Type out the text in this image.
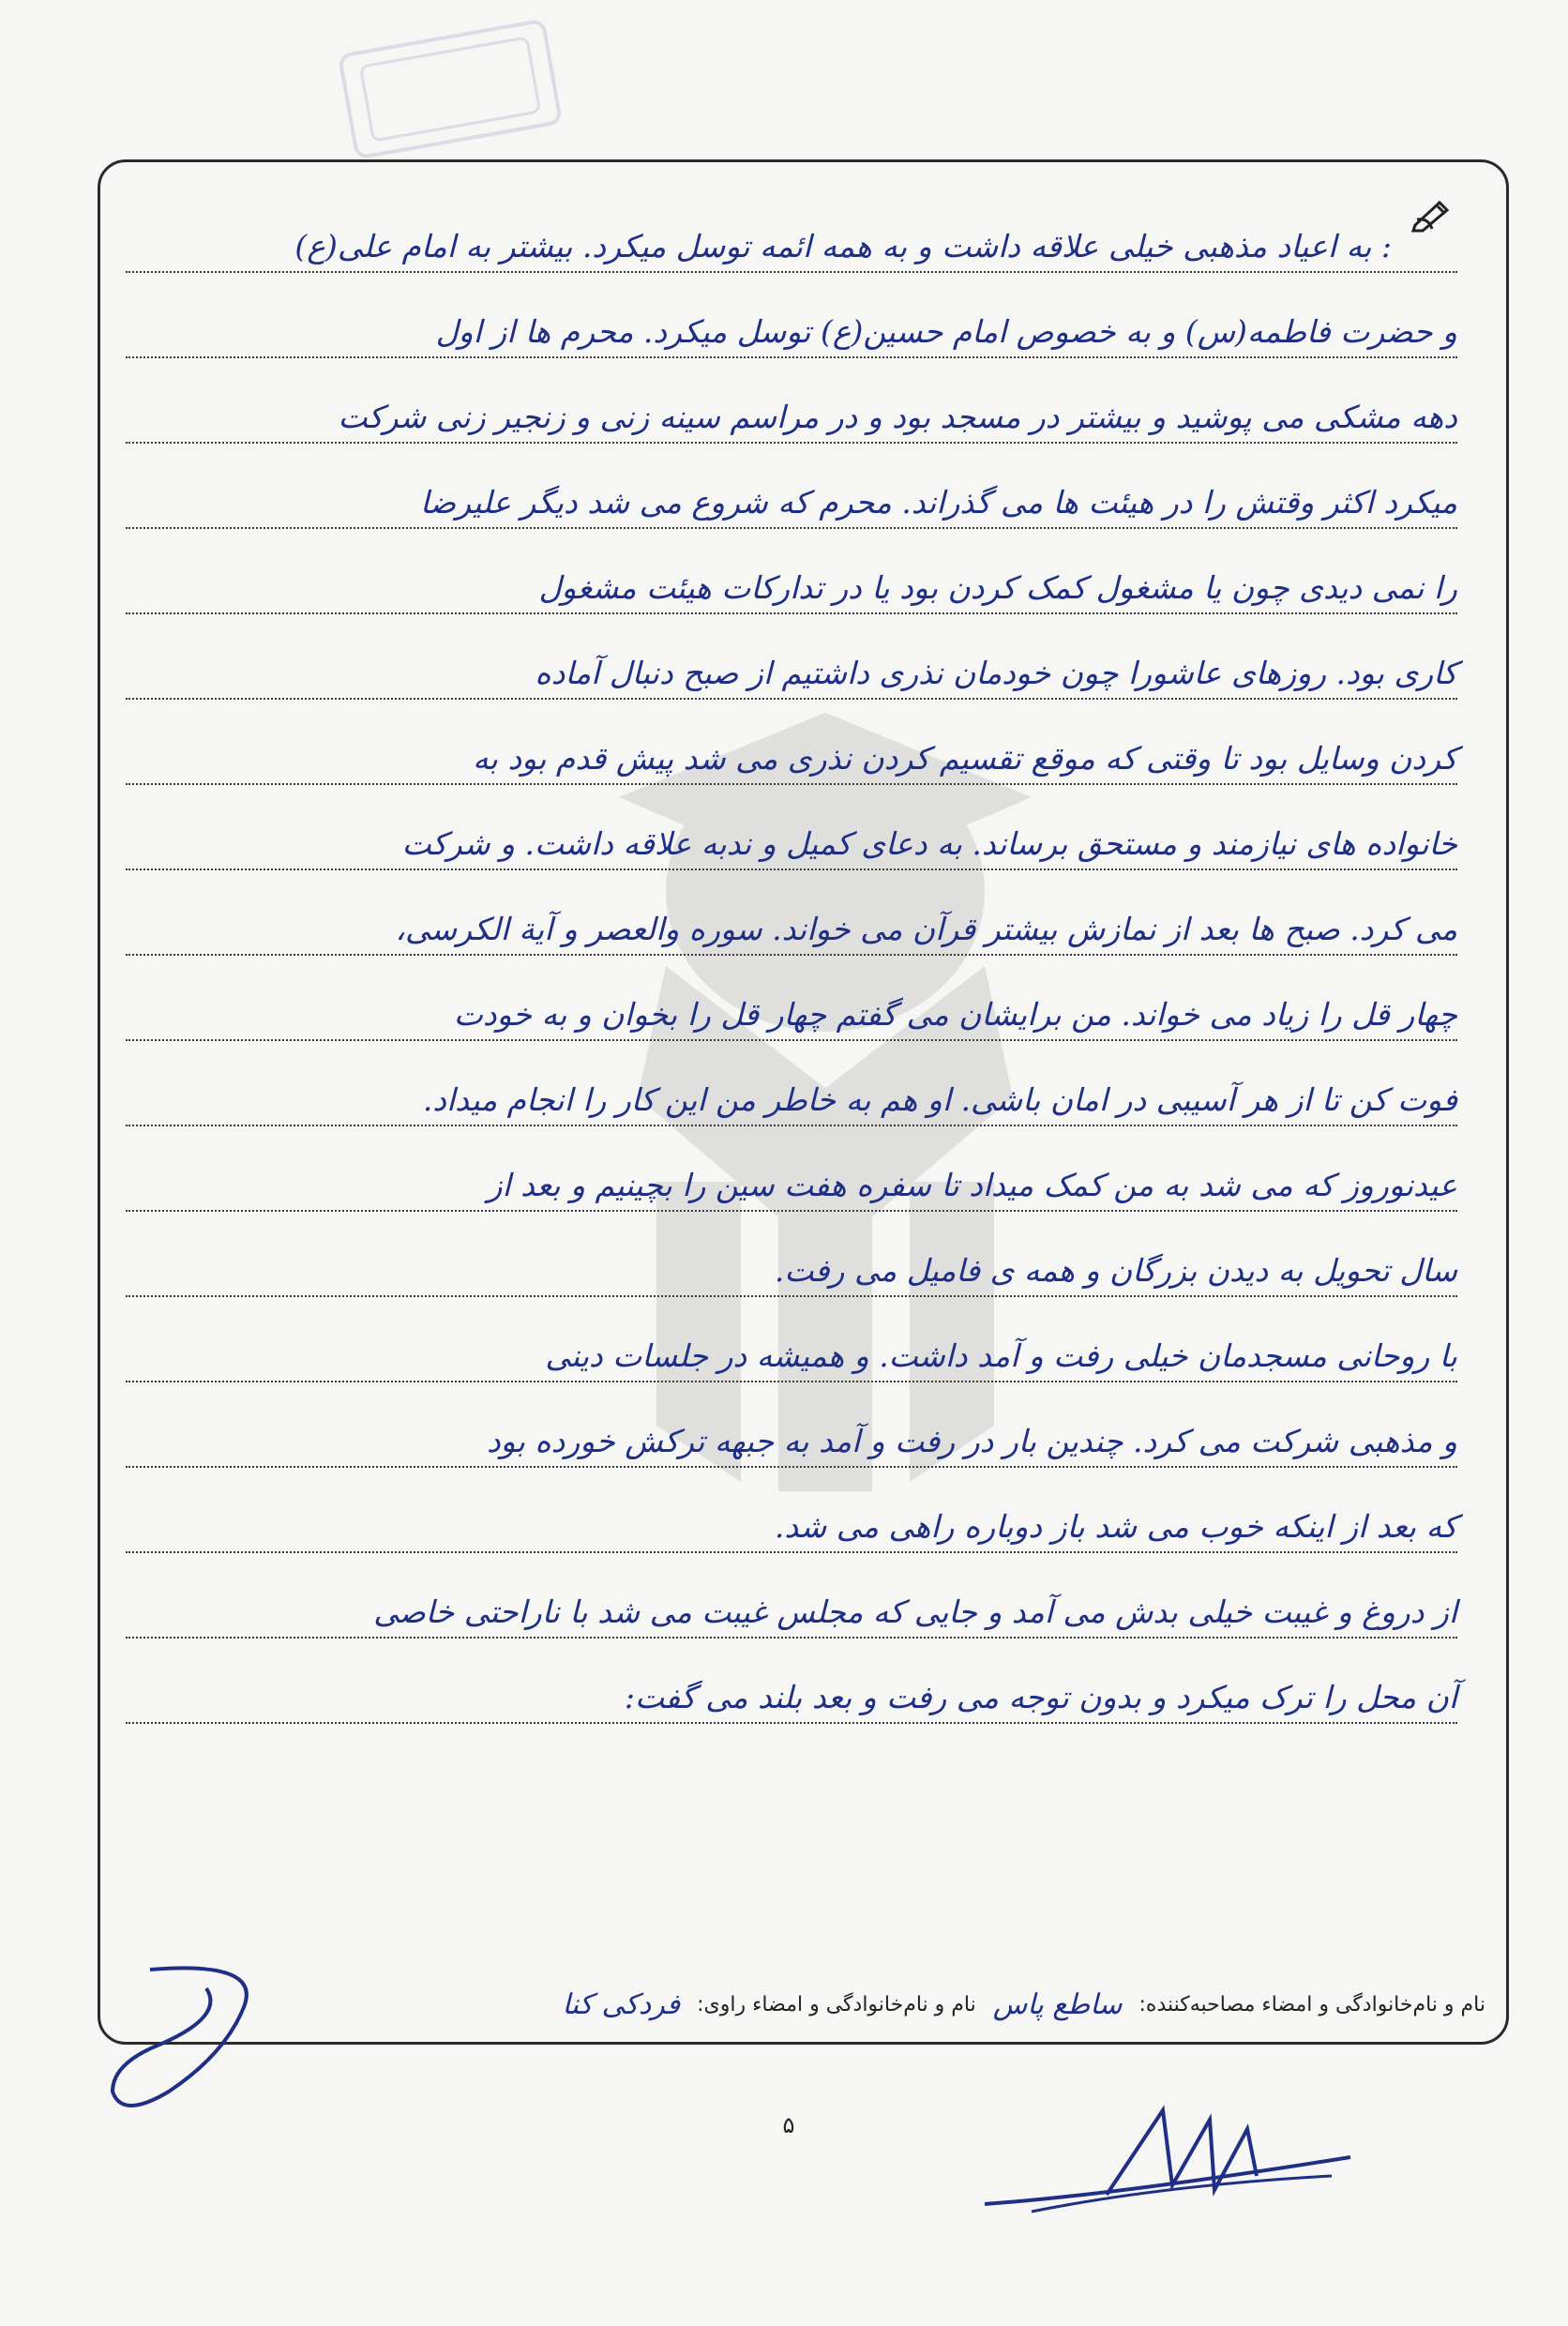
: به اعیاد مذهبی خیلی علاقه داشت و به همه ائمه توسل میکرد. بیشتر به امام علی(ع)
و حضرت فاطمه(س) و به خصوص امام حسین(ع) توسل میکرد. محرم ها از اول
دهه مشکی می پوشید و بیشتر در مسجد بود و در مراسم سینه زنی و زنجیر زنی شرکت
میکرد اکثر وقتش را در هیئت ها می گذراند. محرم که شروع می شد دیگر علیرضا
را نمی دیدی چون یا مشغول کمک کردن بود یا در تدارکات هیئت مشغول
کاری بود. روزهای عاشورا چون خودمان نذری داشتیم از صبح دنبال آماده
کردن وسایل بود تا وقتی که موقع تقسیم کردن نذری می شد پیش قدم بود به
خانواده های نیازمند و مستحق برساند. به دعای کمیل و ندبه علاقه داشت. و شرکت
می کرد. صبح ها بعد از نمازش بیشتر قرآن می خواند. سوره والعصر و آیة الکرسی،
چهار قل را زیاد می خواند. من برایشان می گفتم چهار قل را بخوان و به خودت
فوت کن تا از هر آسیبی در امان باشی. او هم به خاطر من این کار را انجام میداد.
عیدنوروز که می شد به من کمک میداد تا سفره هفت سین را بچینیم و بعد از
سال تحویل به دیدن بزرگان و همه ی فامیل می رفت.
با روحانی مسجدمان خیلی رفت و آمد داشت. و همیشه در جلسات دینی
و مذهبی شرکت می کرد. چندین بار در رفت و آمد به جبهه ترکش خورده بود
که بعد از اینکه خوب می شد باز دوباره راهی می شد.
از دروغ و غیبت خیلی بدش می آمد و جایی که مجلس غیبت می شد با ناراحتی خاصی
آن محل را ترک میکرد و بدون توجه می رفت و بعد بلند می گفت:
نام و نام‌خانوادگی و امضاء مصاحبه‌کننده:
ساطع پاس
نام و نام‌خانوادگی و امضاء راوی:
فردکی کنا
۵
